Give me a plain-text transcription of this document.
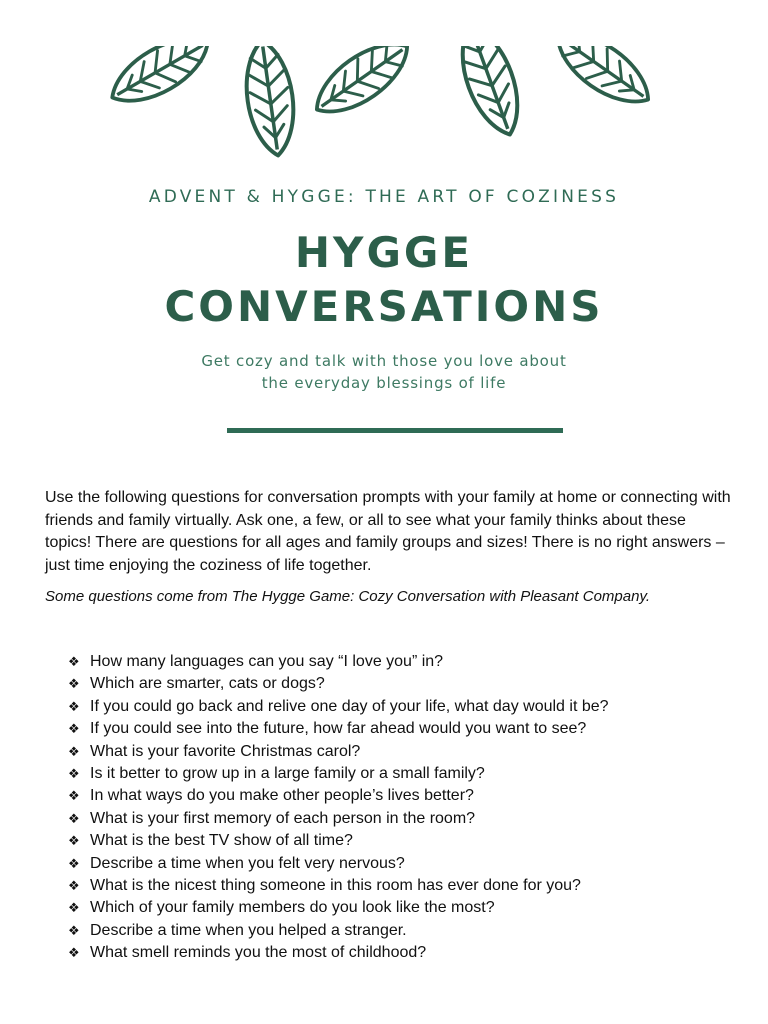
ADVENT & HYGGE: THE ART OF COZINESS
HYGGE
CONVERSATIONS
Get cozy and talk with those you love about
the everyday blessings of life
Use the following questions for conversation prompts with your family at home or connecting with friends and family virtually. Ask one, a few, or all to see what your family thinks about these topics! There are questions for all ages and family groups and sizes! There is no right answers – just time enjoying the coziness of life together.
Some questions come from The Hygge Game: Cozy Conversation with Pleasant Company.
❖ How many languages can you say “I love you” in?
❖ Which are smarter, cats or dogs?
❖ If you could go back and relive one day of your life, what day would it be?
❖ If you could see into the future, how far ahead would you want to see?
❖ What is your favorite Christmas carol?
❖ Is it better to grow up in a large family or a small family?
❖ In what ways do you make other people’s lives better?
❖ What is your first memory of each person in the room?
❖ What is the best TV show of all time?
❖ Describe a time when you felt very nervous?
❖ What is the nicest thing someone in this room has ever done for you?
❖ Which of your family members do you look like the most?
❖ Describe a time when you helped a stranger.
❖ What smell reminds you the most of childhood?
